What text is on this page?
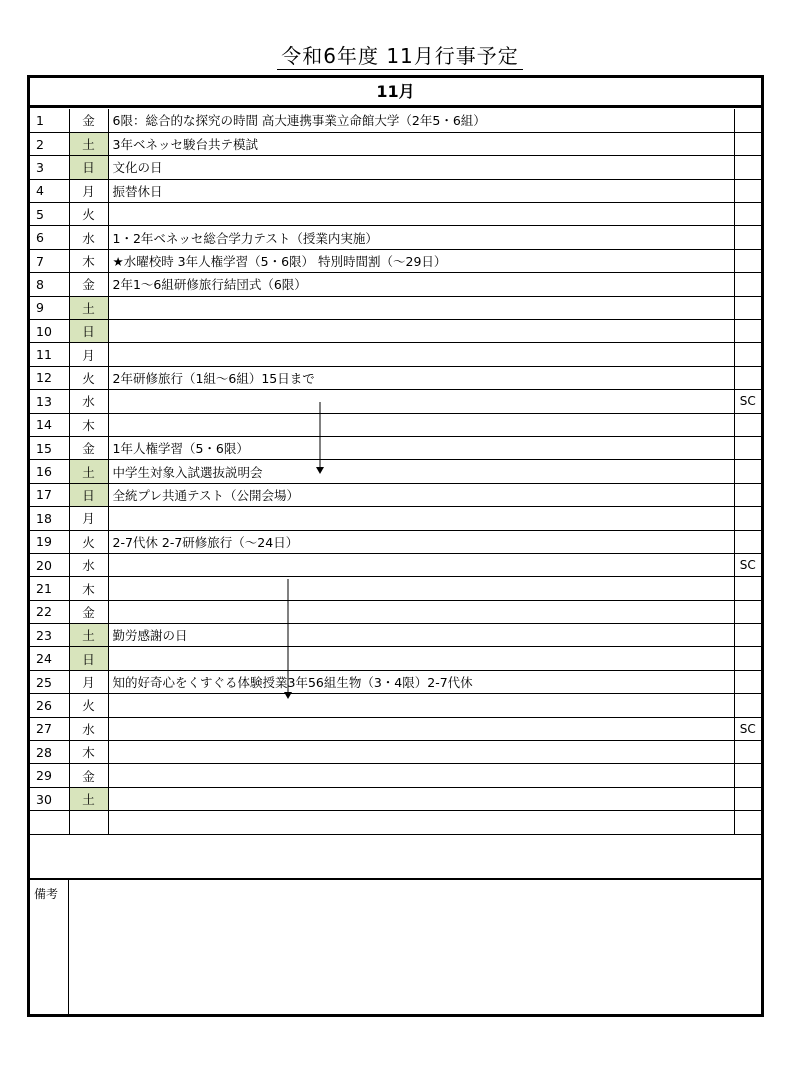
令和6年度 11月行事予定
11月
1	金	6限：総合的な探究の時間 高大連携事業立命館大学（2年5・6組）	
2	土	3年ベネッセ駿台共テ模試	
3	日	文化の日	
4	月	振替休日	
5	火		
6	水	1・2年ベネッセ総合学力テスト（授業内実施）	
7	木	★水曜校時 3年人権学習（5・6限） 特別時間割（～29日）	
8	金	2年1～6組研修旅行結団式（6限）	
9	土		
10	日		
11	月		
12	火	2年研修旅行（1組～6組）15日まで	
13	水		SC
14	木		
15	金	1年人権学習（5・6限）	
16	土	中学生対象入試選抜説明会	
17	日	全統プレ共通テスト（公開会場）	
18	月		
19	火	2-7代休 2-7研修旅行（～24日）	
20	水		SC
21	木		
22	金		
23	土	勤労感謝の日	
24	日		
25	月	知的好奇心をくすぐる体験授業3年56組生物（3・4限）2-7代休	
26	火		
27	水		SC
28	木		
29	金		
30	土		

備考
